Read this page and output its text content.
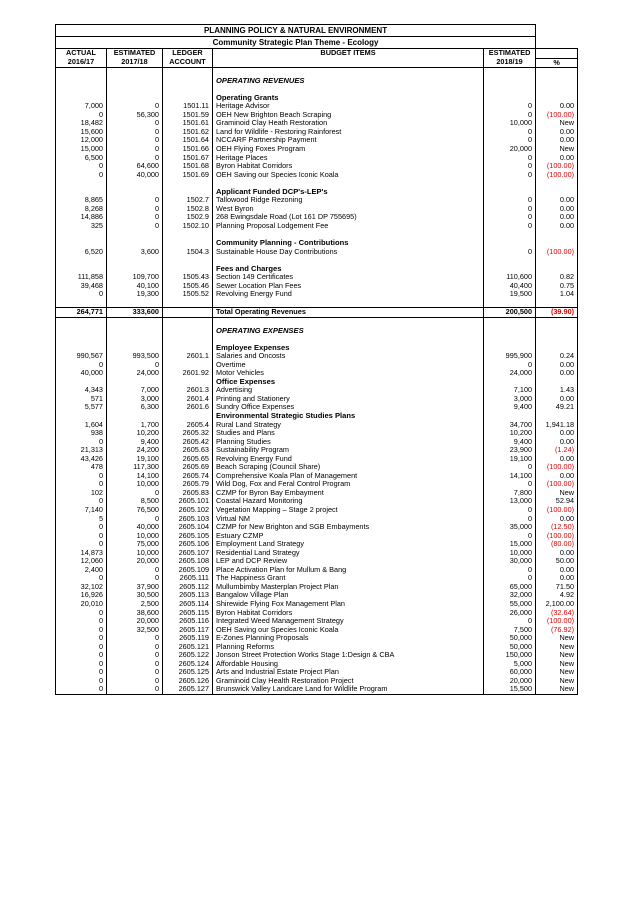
PLANNING POLICY & NATURAL ENVIRONMENT					
Community Strategic Plan Theme - Ecology					
ACTUAL	ESTIMATED	LEDGER	BUDGET ITEMS	ESTIMATED	
2016/17	2017/18	ACCOUNT		2018/19	%

			OPERATING REVENUES		

			Operating Grants		
7,000	0	1501.11	Heritage Advisor	0	0.00
0	56,300	1501.59	OEH New Brighton Beach Scraping	0	(100.00)
18,482	0	1501.61	Graminoid Clay Heath Restoration	10,000	New
15,600	0	1501.62	Land for Wildlife - Restoring Rainforest	0	0.00
12,000	0	1501.64	NCCARF Partnership Payment	0	0.00
15,000	0	1501.66	OEH Flying Foxes Program	20,000	New
6,500	0	1501.67	Heritage Places	0	0.00
0	64,600	1501.68	Byron Habitat Corridors	0	(100.00)
0	40,000	1501.69	OEH Saving our Species Iconic Koala	0	(100.00)

			Applicant Funded DCP's-LEP's		
8,865	0	1502.7	Tallowood Ridge Rezoning	0	0.00
8,268	0	1502.8	West Byron	0	0.00
14,886	0	1502.9	268 Ewingsdale Road (Lot 161 DP 755695)	0	0.00
325	0	1502.10	Planning Proposal Lodgement Fee	0	0.00

			Community Planning - Contributions		
6,520	3,600	1504.3	Sustainable House Day Contributions	0	(100.00)

			Fees and Charges		
111,858	109,700	1505.43	Section 149 Certificates	110,600	0.82
39,468	40,100	1505.46	Sewer Location Plan Fees	40,400	0.75
0	19,300	1505.52	Revolving Energy Fund	19,500	1.04

264,771	333,600		Total Operating Revenues	200,500	(39.90)

			OPERATING EXPENSES		

			Employee Expenses		
990,567	993,500	2601.1	Salaries and Oncosts	995,900	0.24
0	0		Overtime	0	0.00
40,000	24,000	2601.92	Motor Vehicles	24,000	0.00
			Office Expenses		
4,343	7,000	2601.3	Advertising	7,100	1.43
571	3,000	2601.4	Printing and Stationery	3,000	0.00
5,577	6,300	2601.6	Sundry Office Expenses	9,400	49.21
			Environmental Strategic Studies Plans		
1,604	1,700	2605.4	Rural Land Strategy	34,700	1,941.18
938	10,200	2605.32	Studies and Plans	10,200	0.00
0	9,400	2605.42	Planning Studies	9,400	0.00
21,313	24,200	2605.63	Sustainability Program	23,900	(1.24)
43,426	19,100	2605.65	Revolving Energy Fund	19,100	0.00
478	117,300	2605.69	Beach Scraping (Council Share)	0	(100.00)
0	14,100	2605.74	Comprehensive Koala Plan of Management	14,100	0.00
0	10,000	2605.79	Wild Dog, Fox and Feral Control Program	0	(100.00)
102	0	2605.83	CZMP for Byron Bay Embayment	7,800	New
0	8,500	2605.101	Coastal Hazard Monitoring	13,000	52.94
7,140	76,500	2605.102	Vegetation Mapping – Stage 2 project	0	(100.00)
5	0	2605.103	Virtual NM	0	0.00
0	40,000	2605.104	CZMP for New Brighton and SGB Embayments	35,000	(12.50)
0	10,000	2605.105	Estuary CZMP	0	(100.00)
0	75,000	2605.106	Employment Land Strategy	15,000	(80.00)
14,873	10,000	2605.107	Residential Land Strategy	10,000	0.00
12,060	20,000	2605.108	LEP and DCP Review	30,000	50.00
2,400	0	2605.109	Place Activation Plan for Mullum & Bang	0	0.00
0	0	2605.111	The Happiness Grant	0	0.00
32,102	37,900	2605.112	Mullumbimby Masterplan Project Plan	65,000	71.50
16,926	30,500	2605.113	Bangalow Village Plan	32,000	4.92
20,010	2,500	2605.114	Shirewide Flying Fox Management Plan	55,000	2,100.00
0	38,600	2605.115	Byron Habitat Corridors	26,000	(32.64)
0	20,000	2605.116	Integrated Weed Management Strategy	0	(100.00)
0	32,500	2605.117	OEH Saving our Species Iconic Koala	7,500	(76.92)
0	0	2605.119	E-Zones Planning Proposals	50,000	New
0	0	2605.121	Planning Reforms	50,000	New
0	0	2605.122	Jonson Street Protection Works Stage 1:Design & CBA	150,000	New
0	0	2605.124	Affordable Housing	5,000	New
0	0	2605.125	Arts and Industrial Estate Project Plan	60,000	New
0	0	2605.126	Graminoid Clay Health Restoration Project	20,000	New
0	0	2605.127	Brunswick Valley Landcare Land for Wildlife Program	15,500	New
